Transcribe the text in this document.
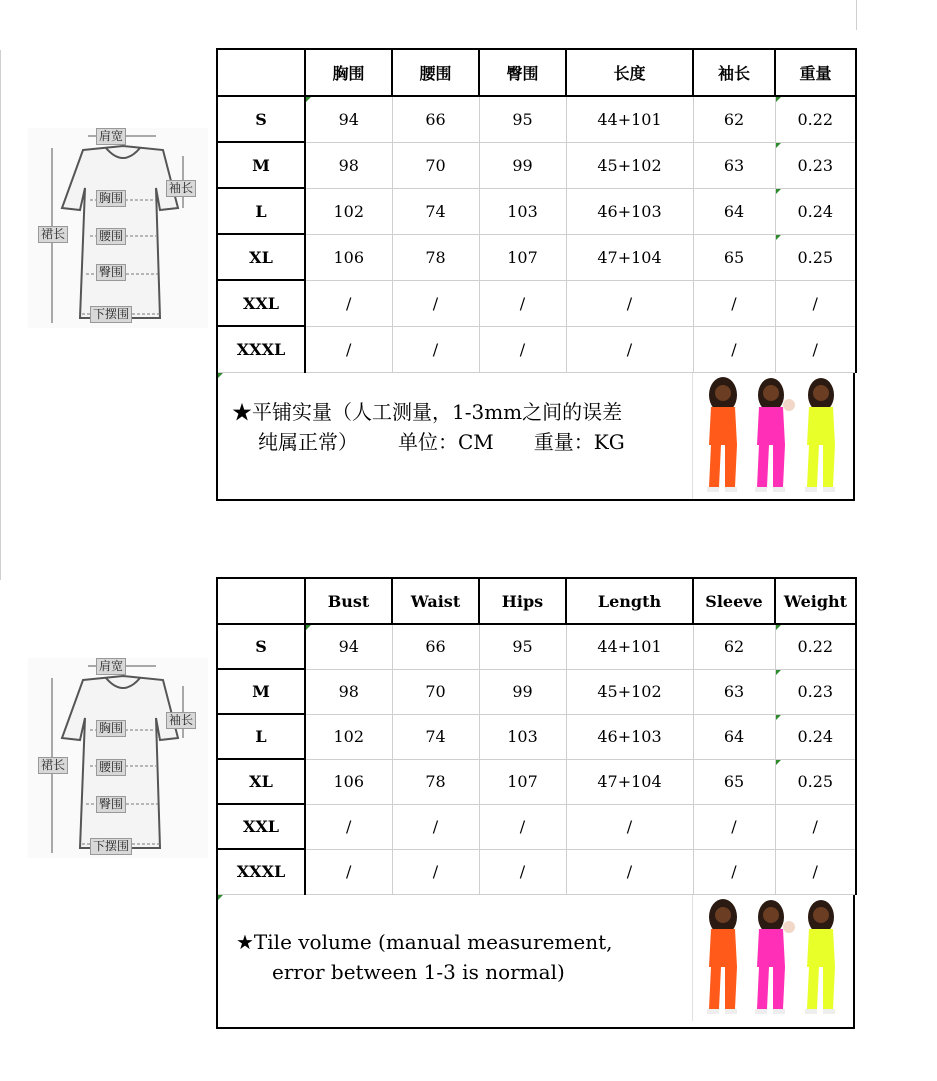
肩宽
袖长
胸围
裙长	腰围
臀围
下摆围
	胸围	腰围	臀围	长度	袖长	重量
S	94	66	95	44+101	62	0.22
M	98	70	99	45+102	63	0.23
L	102	74	103	46+103	64	0.24
XL	106	78	107	47+104	65	0.25
XXL	/	/	/	/	/	/
XXXL	/	/	/	/	/	/
★平铺实量（人工测量，1-3mm之间的误差
纯属正常） 单位：CM 重量：KG
肩宽
袖长
胸围
裙长	腰围
臀围
下摆围
	Bust	Waist	Hips	Length	Sleeve	Weight
S	94	66	95	44+101	62	0.22
M	98	70	99	45+102	63	0.23
L	102	74	103	46+103	64	0.24
XL	106	78	107	47+104	65	0.25
XXL	/	/	/	/	/	/
XXXL	/	/	/	/	/	/
★Tile volume (manual measurement,
error between 1-3 is normal)
